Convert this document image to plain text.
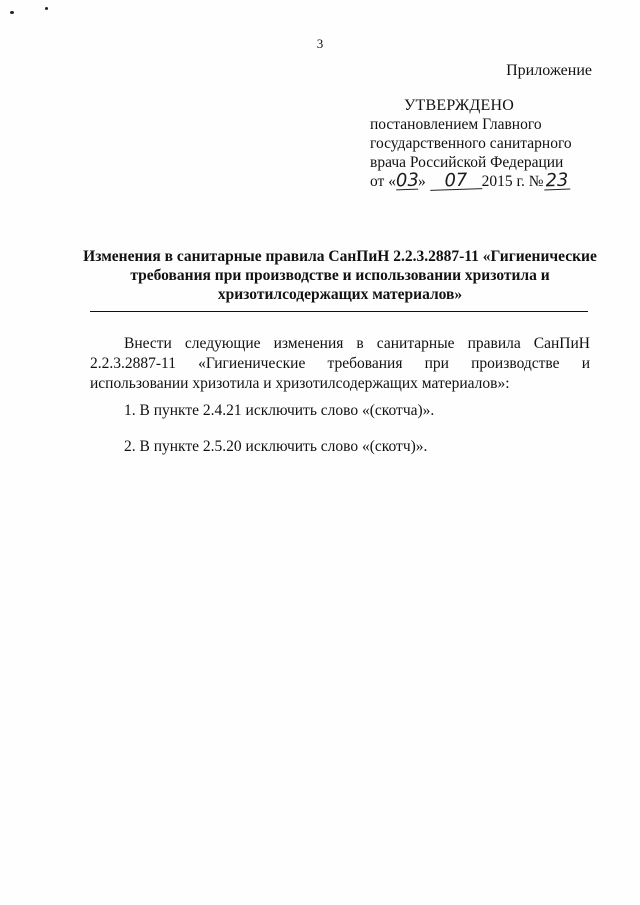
3
Приложение
УТВЕРЖДЕНО
постановлением Главного
государственного санитарного
врача Российской Федерации
от «03» 07 2015 г. №23
Изменения в санитарные правила СанПиН 2.2.3.2887-11 «Гигиенические требования при производстве и использовании хризотила и хризотилсодержащих материалов»
Внести следующие изменения в санитарные правила СанПиН 2.2.3.2887-11 «Гигиенические требования при производстве и использовании хризотила и хризотилсодержащих материалов»:
1. В пункте 2.4.21 исключить слово «(скотча)».
2. В пункте 2.5.20 исключить слово «(скотч)».
